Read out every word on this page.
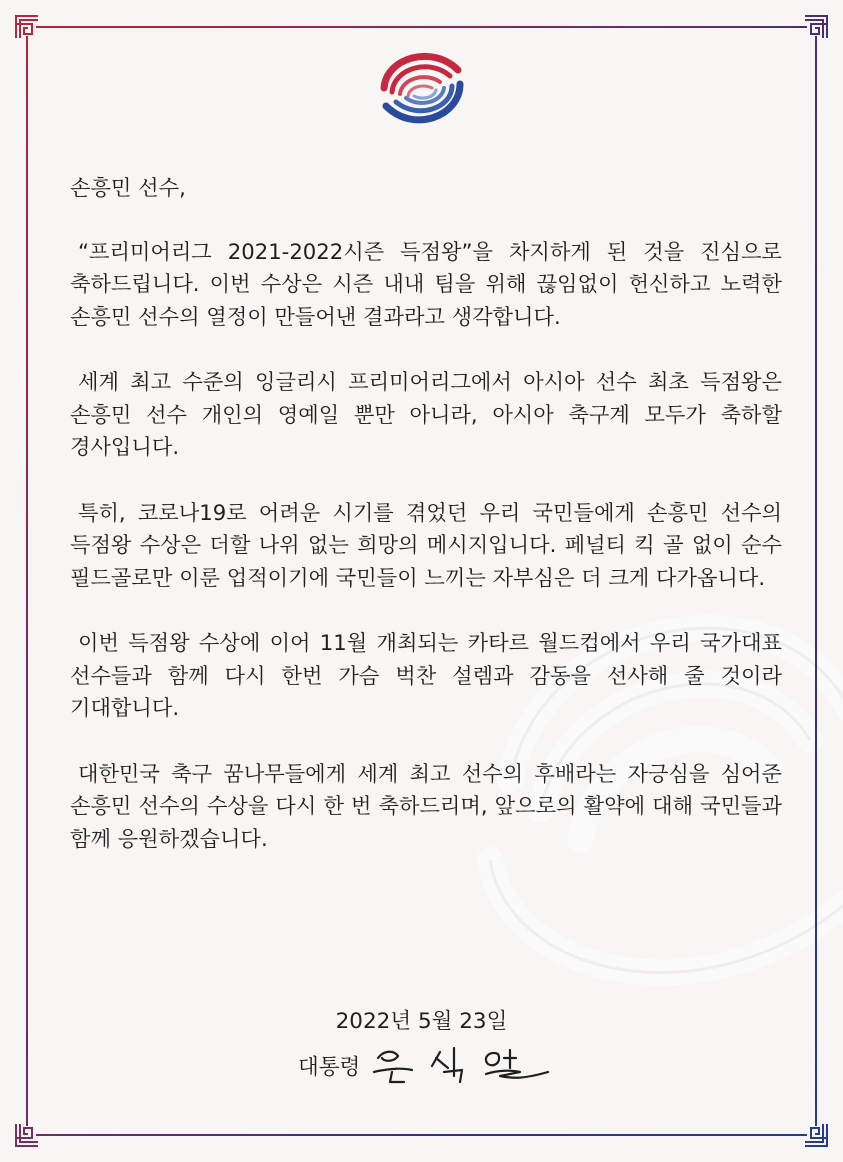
손흥민 선수,

“프리미어리그 2021-2022시즌 득점왕”을 차지하게 된 것을 진심으로 축하드립니다. 이번 수상은 시즌 내내 팀을 위해 끊임없이 헌신하고 노력한 손흥민 선수의 열정이 만들어낸 결과라고 생각합니다.

세계 최고 수준의 잉글리시 프리미어리그에서 아시아 선수 최초 득점왕은 손흥민 선수 개인의 영예일 뿐만 아니라, 아시아 축구계 모두가 축하할 경사입니다.

특히, 코로나19로 어려운 시기를 겪었던 우리 국민들에게 손흥민 선수의 득점왕 수상은 더할 나위 없는 희망의 메시지입니다. 페널티 킥 골 없이 순수 필드골로만 이룬 업적이기에 국민들이 느끼는 자부심은 더 크게 다가옵니다.

이번 득점왕 수상에 이어 11월 개최되는 카타르 월드컵에서 우리 국가대표 선수들과 함께 다시 한번 가슴 벅찬 설렘과 감동을 선사해 줄 것이라 기대합니다.

대한민국 축구 꿈나무들에게 세계 최고 선수의 후배라는 자긍심을 심어준 손흥민 선수의 수상을 다시 한 번 축하드리며, 앞으로의 활약에 대해 국민들과 함께 응원하겠습니다.

2022년 5월 23일
대통령
